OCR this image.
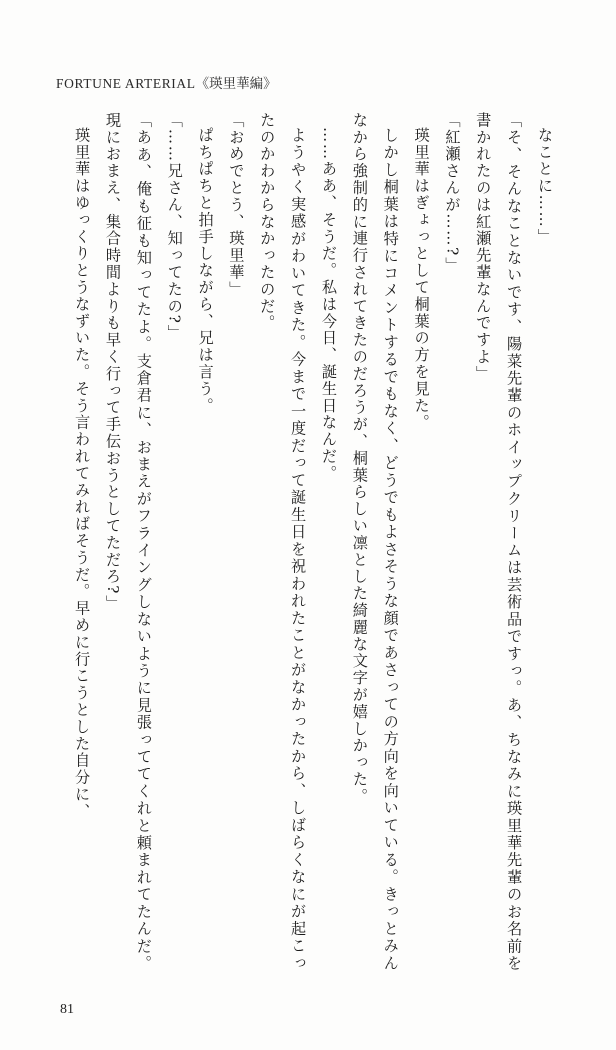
FORTUNE ARTERIAL《瑛里華編》

なことに……」

「そ、そんなことないです、陽菜先輩のホイップクリームは芸術品ですっ。あ、ちなみに瑛里華先輩のお名前を書かれたのは紅瀬先輩なんですよ」

「紅瀬さんが……?」

瑛里華はぎょっとして桐葉の方を見た。

しかし桐葉は特にコメントするでもなく、どうでもよさそうな顔であさっての方向を向いている。きっとみんなから強制的に連行されてきたのだろうが、桐葉らしい凛とした綺麗な文字が嬉しかった。

……ああ、そうだ。私は今日、誕生日なんだ。

ようやく実感がわいてきた。今まで一度だって誕生日を祝われたことがなかったから、しばらくなにが起こったのかわからなかったのだ。

「おめでとう、瑛里華」

ぱちぱちと拍手しながら、兄は言う。

「……兄さん、知ってたの?」

「ああ、俺も征も知ってたよ。支倉君に、おまえがフライングしないように見張っててくれと頼まれてたんだ。現におまえ、集合時間よりも早く行って手伝おうとしてただろ?」

瑛里華はゆっくりとうなずいた。そう言われてみればそうだ。早めに行こうとした自分に、

81
